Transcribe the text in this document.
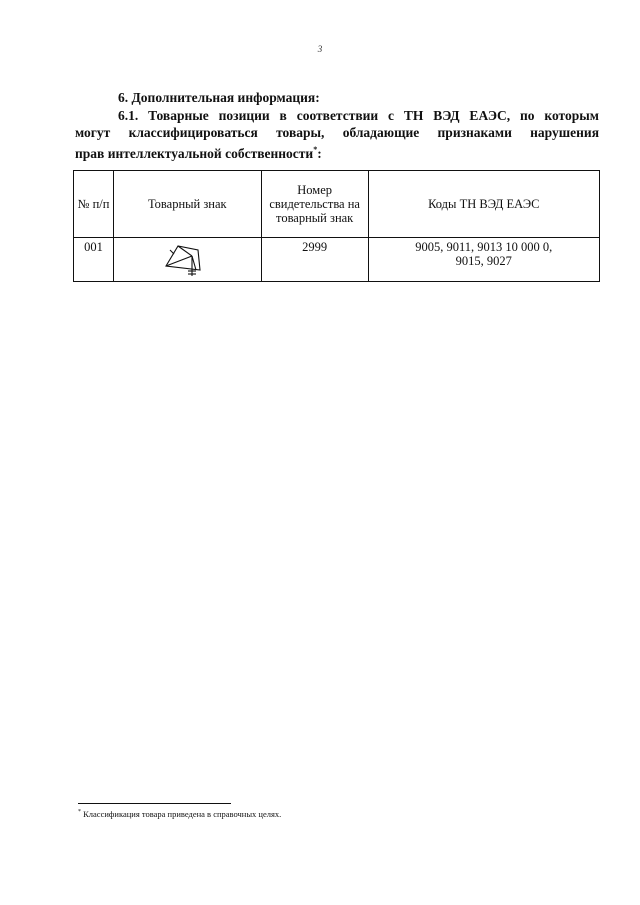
3
6. Дополнительная информация:
6.1. Товарные позиции в соответствии с ТН ВЭД ЕАЭС, по которым
могут классифицироваться товары, обладающие признаками нарушения
прав интеллектуальной собственности*:
№ п/п	Товарный знак	Номер свидетельства на товарный знак	Коды ТН ВЭД ЕАЭС
001		2999	9005, 9011, 9013 10 000 0,
9015, 9027
* Классификация товара приведена в справочных целях.
